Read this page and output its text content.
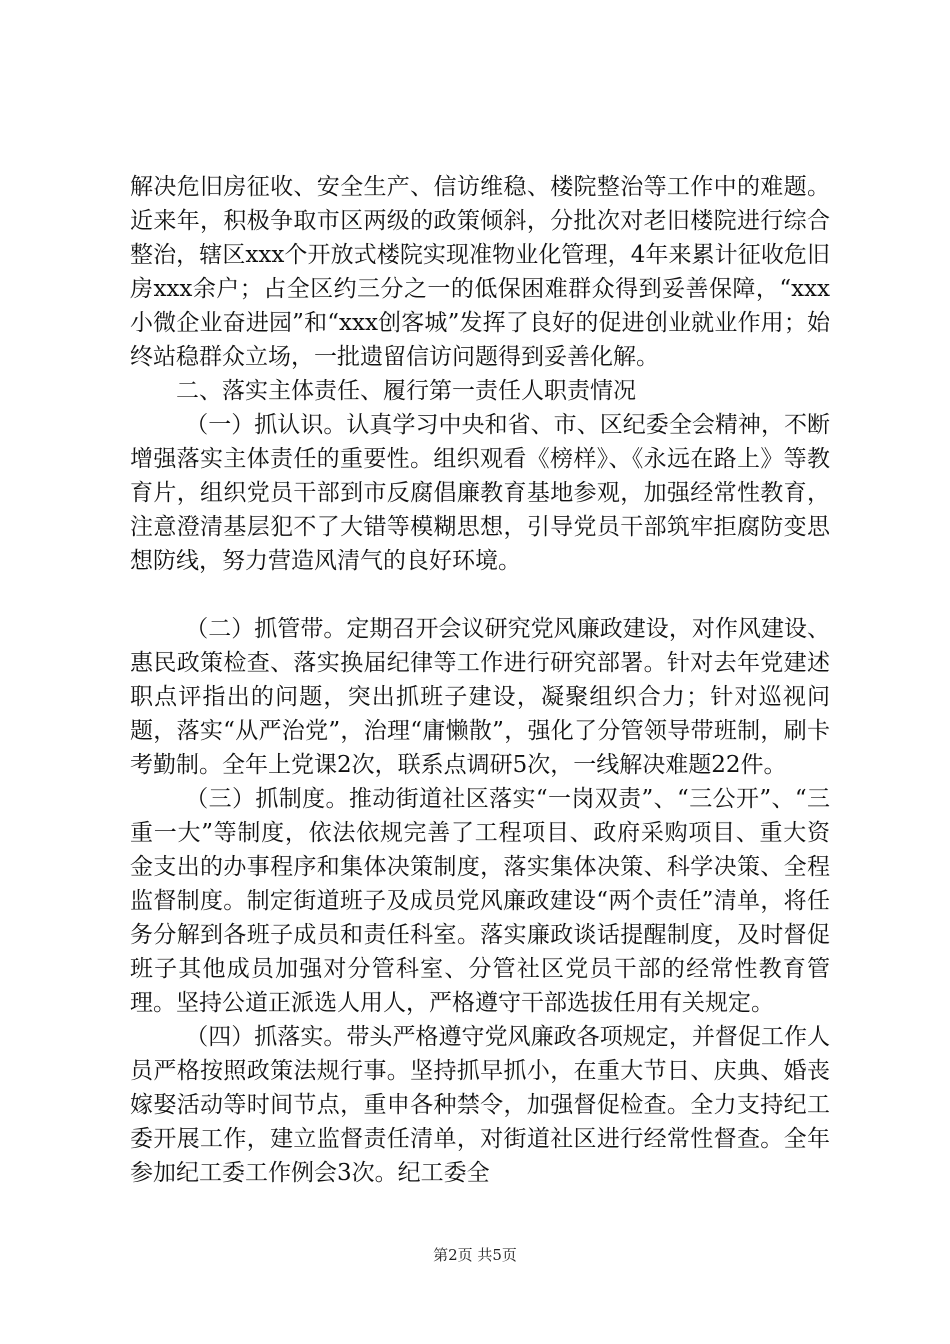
解决危旧房征收、安全生产、信访维稳、楼院整治等工作中的难题。近来年，积极争取市区两级的政策倾斜，分批次对老旧楼院进行综合整治，辖区xxx个开放式楼院实现准物业化管理，4年来累计征收危旧房xxx余户；占全区约三分之一的低保困难群众得到妥善保障，“xxx小微企业奋进园”和“xxx创客城”发挥了良好的促进创业就业作用；始终站稳群众立场，一批遗留信访问题得到妥善化解。

二、落实主体责任、履行第一责任人职责情况

（一）抓认识。认真学习中央和省、市、区纪委全会精神，不断增强落实主体责任的重要性。组织观看《榜样》、《永远在路上》等教育片，组织党员干部到市反腐倡廉教育基地参观，加强经常性教育，注意澄清基层犯不了大错等模糊思想，引导党员干部筑牢拒腐防变思想防线，努力营造风清气的良好环境。

（二）抓管带。定期召开会议研究党风廉政建设，对作风建设、惠民政策检查、落实换届纪律等工作进行研究部署。针对去年党建述职点评指出的问题，突出抓班子建设，凝聚组织合力；针对巡视问题，落实“从严治党”，治理“庸懒散”，强化了分管领导带班制，刷卡考勤制。全年上党课2次，联系点调研5次，一线解决难题22件。

（三）抓制度。推动街道社区落实“一岗双责”、“三公开”、“三重一大”等制度，依法依规完善了工程项目、政府采购项目、重大资金支出的办事程序和集体决策制度，落实集体决策、科学决策、全程监督制度。制定街道班子及成员党风廉政建设“两个责任”清单，将任务分解到各班子成员和责任科室。落实廉政谈话提醒制度，及时督促班子其他成员加强对分管科室、分管社区党员干部的经常性教育管理。坚持公道正派选人用人，严格遵守干部选拔任用有关规定。

（四）抓落实。带头严格遵守党风廉政各项规定，并督促工作人员严格按照政策法规行事。坚持抓早抓小，在重大节日、庆典、婚丧嫁娶活动等时间节点，重申各种禁令，加强督促检查。全力支持纪工委开展工作，建立监督责任清单，对街道社区进行经常性督查。全年参加纪工委工作例会3次。纪工委全

第2页 共5页
